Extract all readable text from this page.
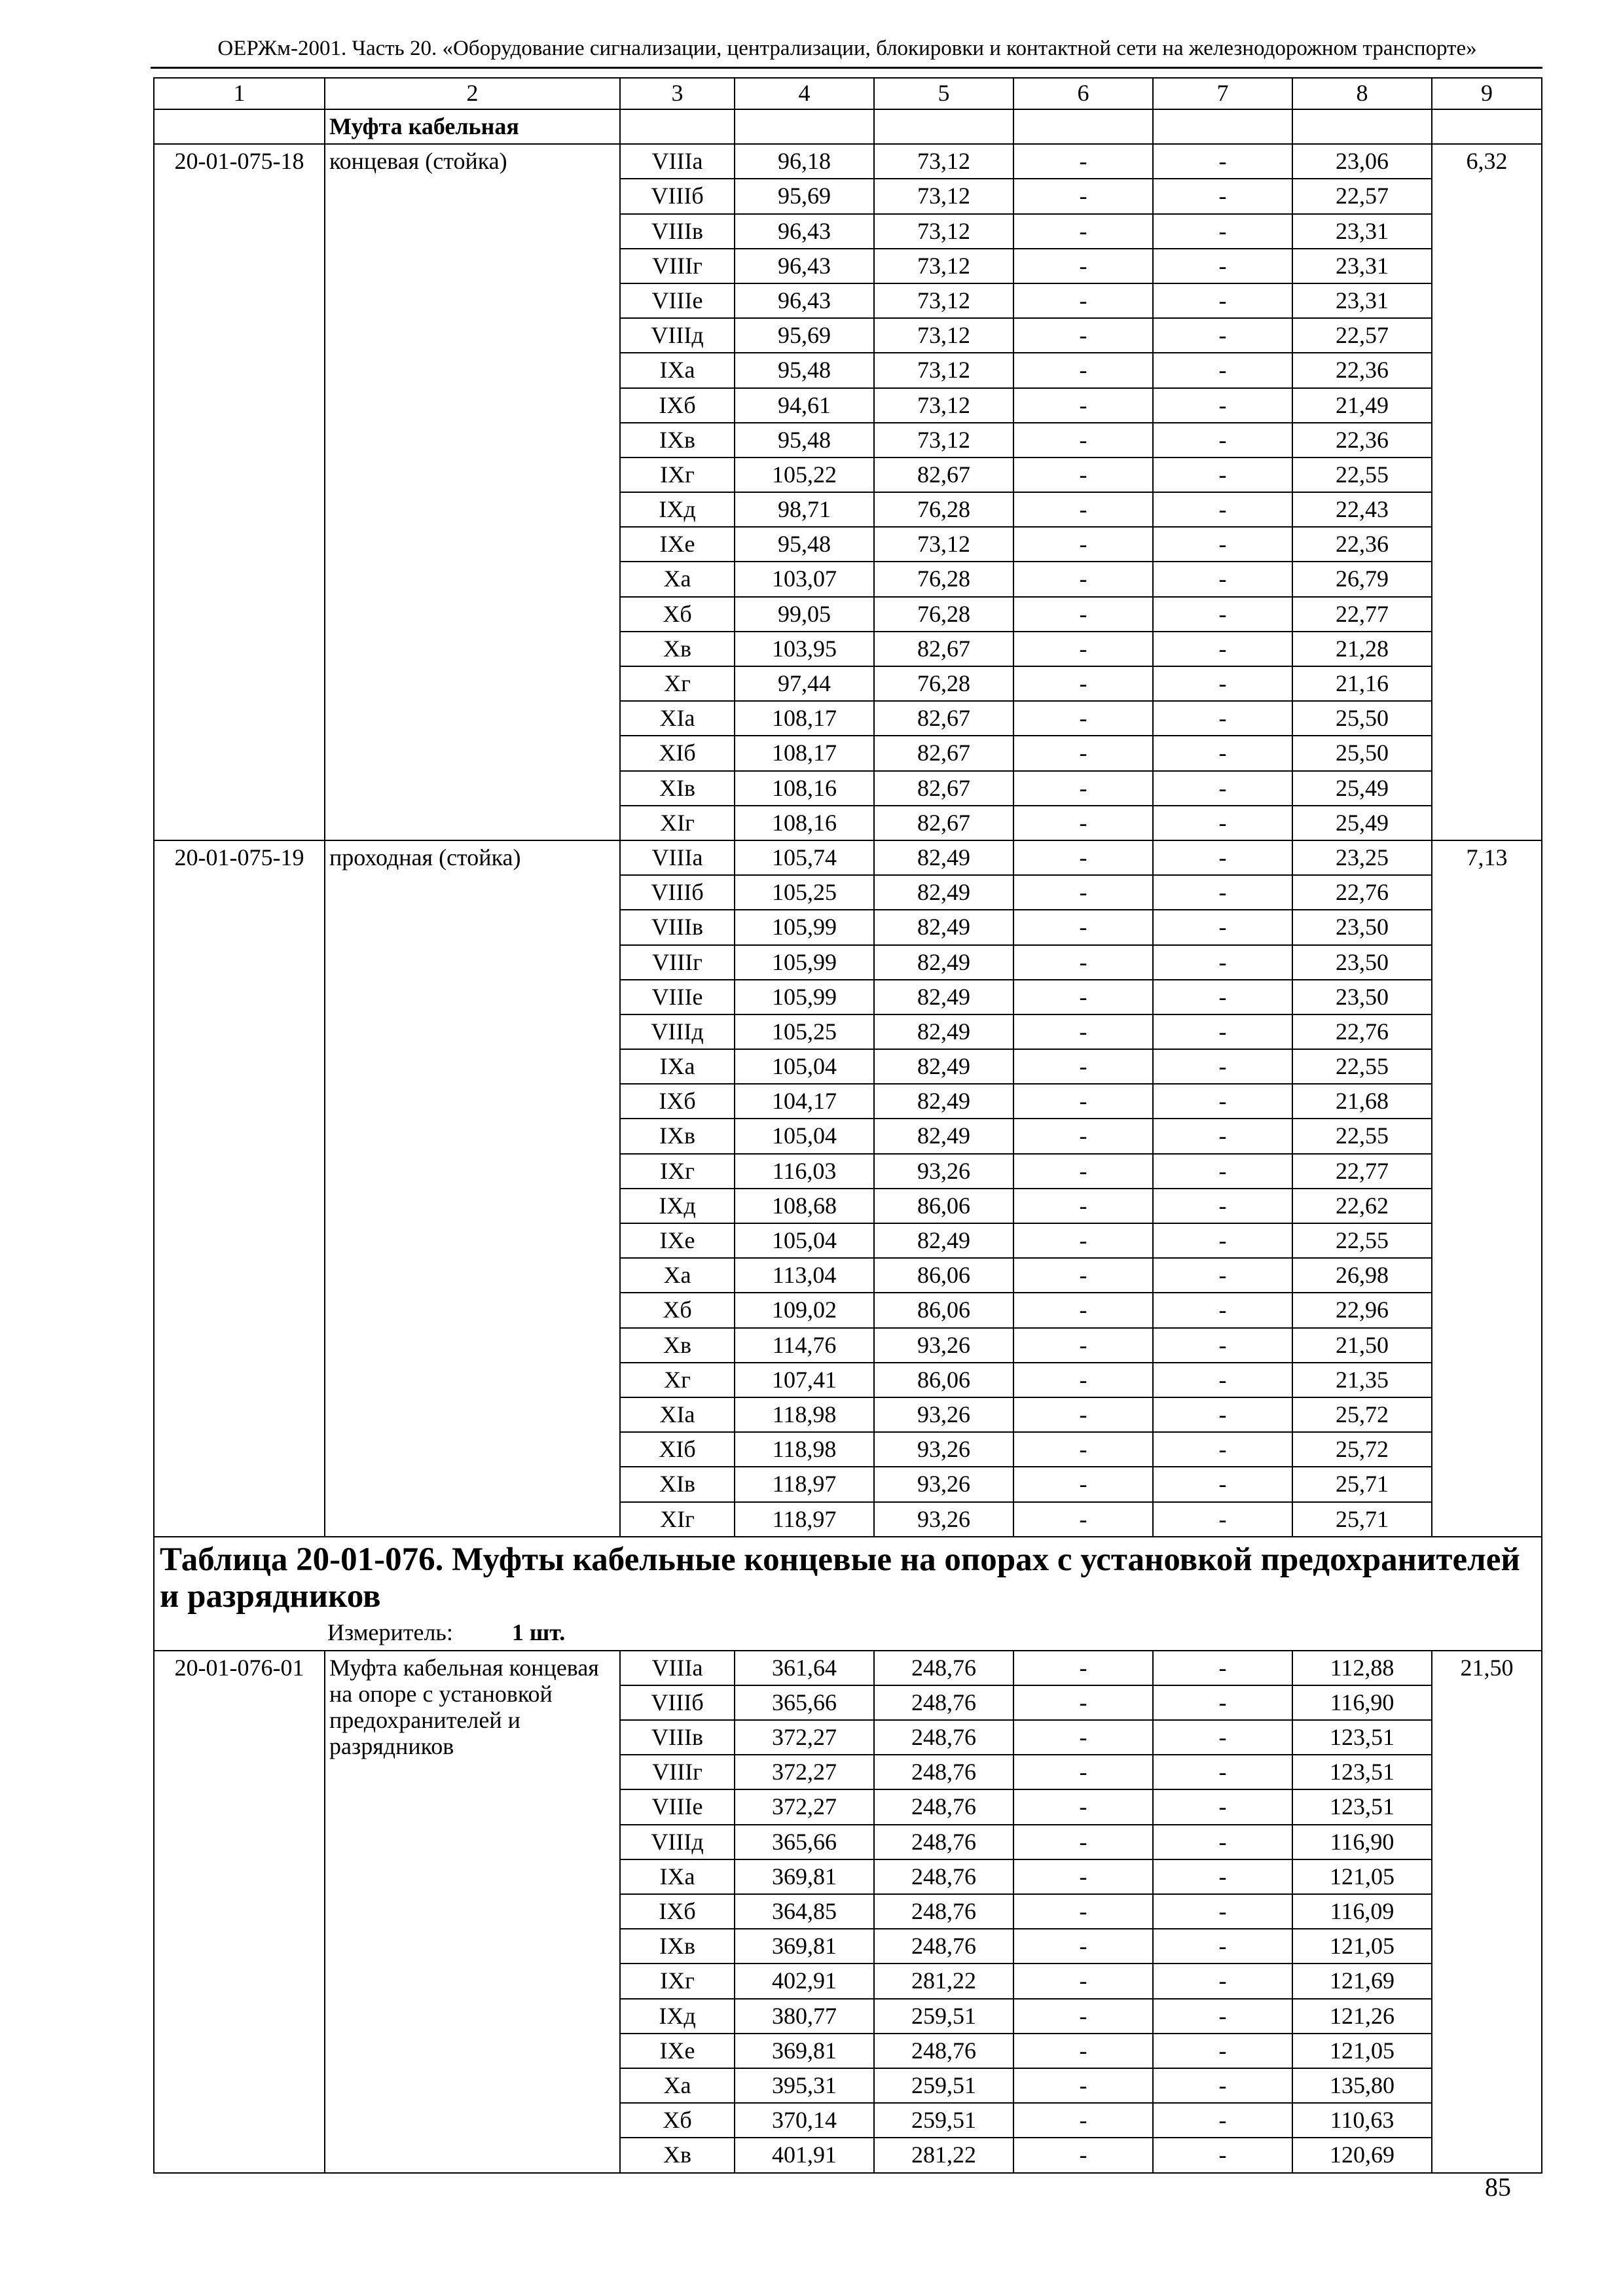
ОЕРЖм-2001. Часть 20. «Оборудование сигнализации, централизации, блокировки и контактной сети на железнодорожном транспорте»
1	2	3	4	5	6	7	8	9
	Муфта кабельная							
20-01-075-18	концевая (стойка)	VIIIа	96,18	73,12	-	-	23,06	6,32
		VIIIб	95,69	73,12	-	-	22,57	
		VIIIв	96,43	73,12	-	-	23,31	
		VIIIг	96,43	73,12	-	-	23,31	
		VIIIе	96,43	73,12	-	-	23,31	
		VIIIд	95,69	73,12	-	-	22,57	
		IXа	95,48	73,12	-	-	22,36	
		IXб	94,61	73,12	-	-	21,49	
		IXв	95,48	73,12	-	-	22,36	
		IXг	105,22	82,67	-	-	22,55	
		IXд	98,71	76,28	-	-	22,43	
		IXе	95,48	73,12	-	-	22,36	
		Xа	103,07	76,28	-	-	26,79	
		Xб	99,05	76,28	-	-	22,77	
		Xв	103,95	82,67	-	-	21,28	
		Xг	97,44	76,28	-	-	21,16	
		XIа	108,17	82,67	-	-	25,50	
		XIб	108,17	82,67	-	-	25,50	
		XIв	108,16	82,67	-	-	25,49	
		XIг	108,16	82,67	-	-	25,49	
20-01-075-19	проходная (стойка)	VIIIа	105,74	82,49	-	-	23,25	7,13
		VIIIб	105,25	82,49	-	-	22,76	
		VIIIв	105,99	82,49	-	-	23,50	
		VIIIг	105,99	82,49	-	-	23,50	
		VIIIе	105,99	82,49	-	-	23,50	
		VIIIд	105,25	82,49	-	-	22,76	
		IXа	105,04	82,49	-	-	22,55	
		IXб	104,17	82,49	-	-	21,68	
		IXв	105,04	82,49	-	-	22,55	
		IXг	116,03	93,26	-	-	22,77	
		IXд	108,68	86,06	-	-	22,62	
		IXе	105,04	82,49	-	-	22,55	
		Xа	113,04	86,06	-	-	26,98	
		Xб	109,02	86,06	-	-	22,96	
		Xв	114,76	93,26	-	-	21,50	
		Xг	107,41	86,06	-	-	21,35	
		XIа	118,98	93,26	-	-	25,72	
		XIб	118,98	93,26	-	-	25,72	
		XIв	118,97	93,26	-	-	25,71	
		XIг	118,97	93,26	-	-	25,71	

Таблица 20-01-076. Муфты кабельные концевые на опорах с установкой предохранителей и разрядников
Измеритель: 1 шт.								

20-01-076-01	Муфта кабельная концевая на опоре с установкой предохранителей и разрядников	VIIIа	361,64	248,76	-	-	112,88	21,50
		VIIIб	365,66	248,76	-	-	116,90	
		VIIIв	372,27	248,76	-	-	123,51	
		VIIIг	372,27	248,76	-	-	123,51	
		VIIIе	372,27	248,76	-	-	123,51	
		VIIIд	365,66	248,76	-	-	116,90	
		IXа	369,81	248,76	-	-	121,05	
		IXб	364,85	248,76	-	-	116,09	
		IXв	369,81	248,76	-	-	121,05	
		IXг	402,91	281,22	-	-	121,69	
		IXд	380,77	259,51	-	-	121,26	
		IXе	369,81	248,76	-	-	121,05	
		Xа	395,31	259,51	-	-	135,80	
		Xб	370,14	259,51	-	-	110,63	
		Xв	401,91	281,22	-	-	120,69	
85
